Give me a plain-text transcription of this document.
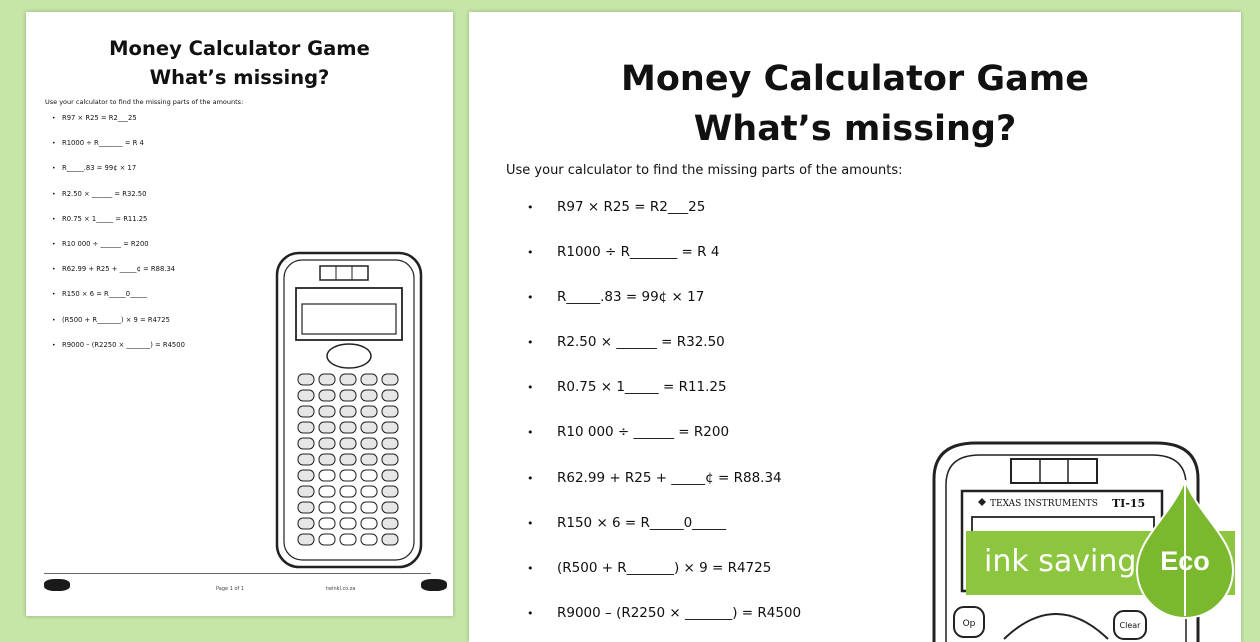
Money Calculator Game
What’s missing?
Use your calculator to find the missing parts of the amounts:
• R97 × R25 = R2___25
• R1000 ÷ R_______ = R 4
• R_____.83 = 99¢ × 17
• R2.50 × ______ = R32.50
• R0.75 × 1_____ = R11.25
• R10 000 ÷ ______ = R200
• R62.99 + R25 + _____¢ = R88.34
• R150 × 6 = R_____0_____
• (R500 + R_______) × 9 = R4725
• R9000 – (R2250 × _______) = R4500
Page 1 of 1	twinkl.co.za
Money Calculator Game
What’s missing?
Use your calculator to find the missing parts of the amounts:
• R97 × R25 = R2___25
• R1000 ÷ R_______ = R 4
• R_____.83 = 99¢ × 17
• R2.50 × ______ = R32.50
• R0.75 × 1_____ = R11.25
• R10 000 ÷ ______ = R200
• R62.99 + R25 + _____¢ = R88.34
• R150 × 6 = R_____0_____
• (R500 + R_______) × 9 = R4725
• R9000 – (R2250 × _______) = R4500
TEXAS INSTRUMENTS TI-15
Op	Clear
ink saving Eco
